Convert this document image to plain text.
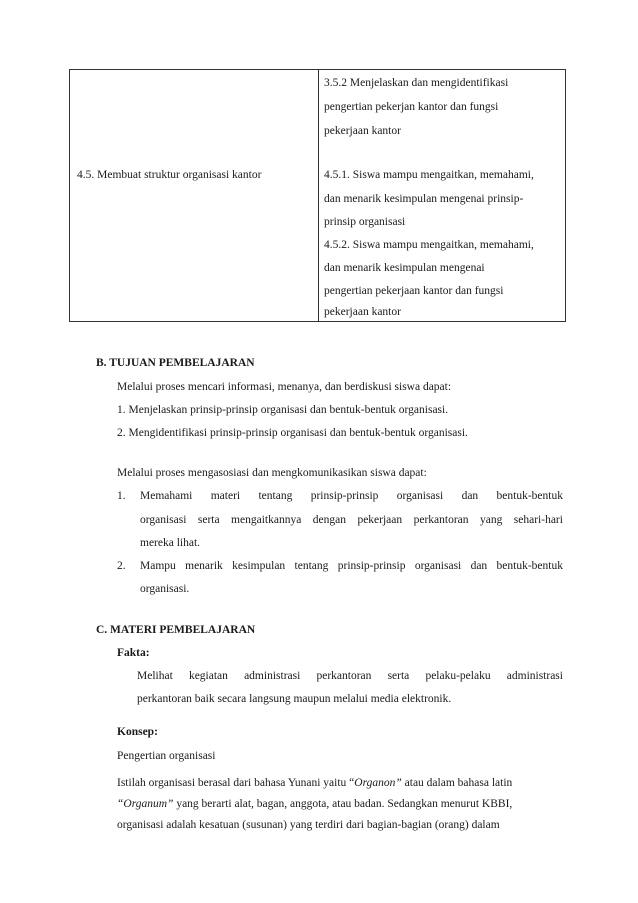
4.5. Membuat struktur organisasi kantor
3.5.2 Menjelaskan dan mengidentifikasi
pengertian pekerjan kantor dan fungsi
pekerjaan kantor
4.5.1. Siswa mampu mengaitkan, memahami,
dan menarik kesimpulan mengenai prinsip-
prinsip organisasi
4.5.2. Siswa mampu mengaitkan, memahami,
dan menarik kesimpulan mengenai
pengertian pekerjaan kantor dan fungsi
pekerjaan kantor
B. TUJUAN PEMBELAJARAN
Melalui proses mencari informasi, menanya, dan berdiskusi siswa dapat:
1. Menjelaskan prinsip-prinsip organisasi dan bentuk-bentuk organisasi.
2. Mengidentifikasi prinsip-prinsip organisasi dan bentuk-bentuk organisasi.
Melalui proses mengasosiasi dan mengkomunikasikan siswa dapat:
1. Memahami materi tentang prinsip-prinsip organisasi dan bentuk-bentuk
organisasi serta mengaitkannya dengan pekerjaan perkantoran yang sehari-hari
mereka lihat.
2. Mampu menarik kesimpulan tentang prinsip-prinsip organisasi dan bentuk-bentuk
organisasi.
C. MATERI PEMBELAJARAN
Fakta:
Melihat kegiatan administrasi perkantoran serta pelaku-pelaku administrasi
perkantoran baik secara langsung maupun melalui media elektronik.
Konsep:
Pengertian organisasi
Istilah organisasi berasal dari bahasa Yunani yaitu “Organon” atau dalam bahasa latin
“Organum” yang berarti alat, bagan, anggota, atau badan. Sedangkan menurut KBBI,
organisasi adalah kesatuan (susunan) yang terdiri dari bagian-bagian (orang) dalam
